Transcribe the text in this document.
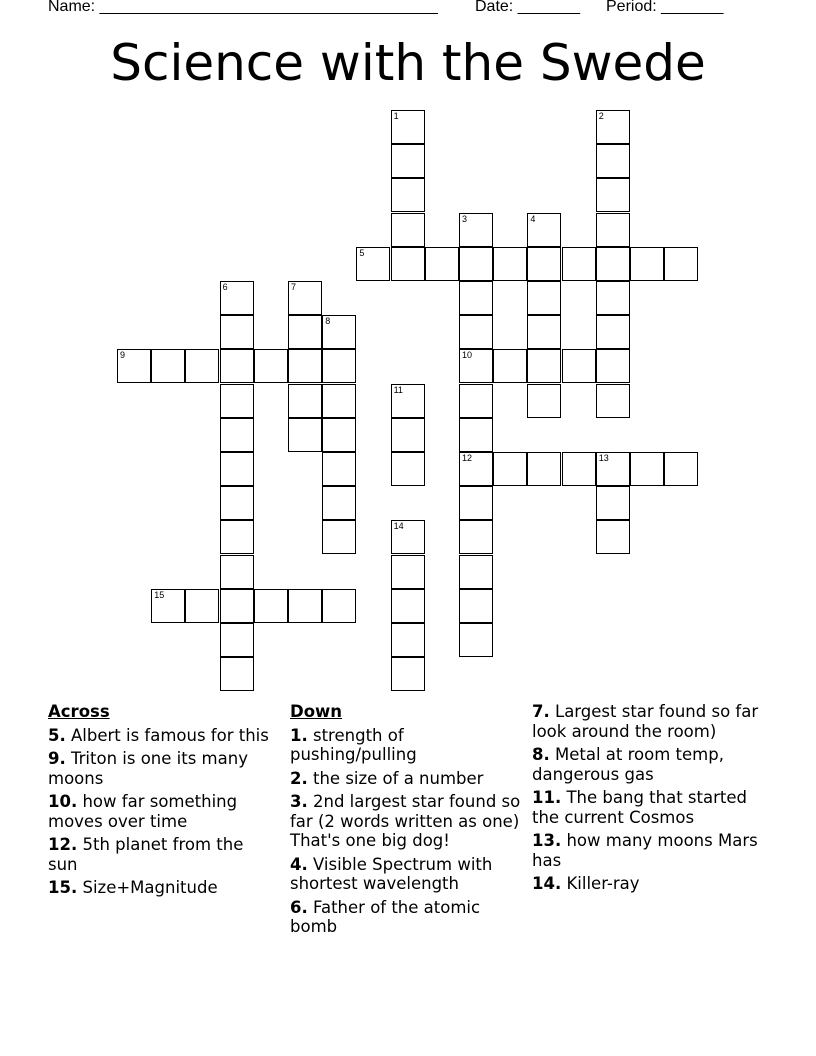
Name: ______________________________________

Date: _______

Period: _______

Science with the Swede
1	2
3
10
12
4
5
6	7
8
9
11
13
14
15
Across
5. Albert is famous for this
9. Triton is one its many moons
10. how far something moves over time
12. 5th planet from the sun
15. Size+Magnitude
Down
1. strength of pushing/pulling
2. the size of a number
3. 2nd largest star found so far (2 words written as one) That's one big dog!
4. Visible Spectrum with shortest wavelength
6. Father of the atomic bomb
7. Largest star found so far look around the room)
8. Metal at room temp, dangerous gas
11. The bang that started the current Cosmos
13. how many moons Mars has
14. Killer-ray
